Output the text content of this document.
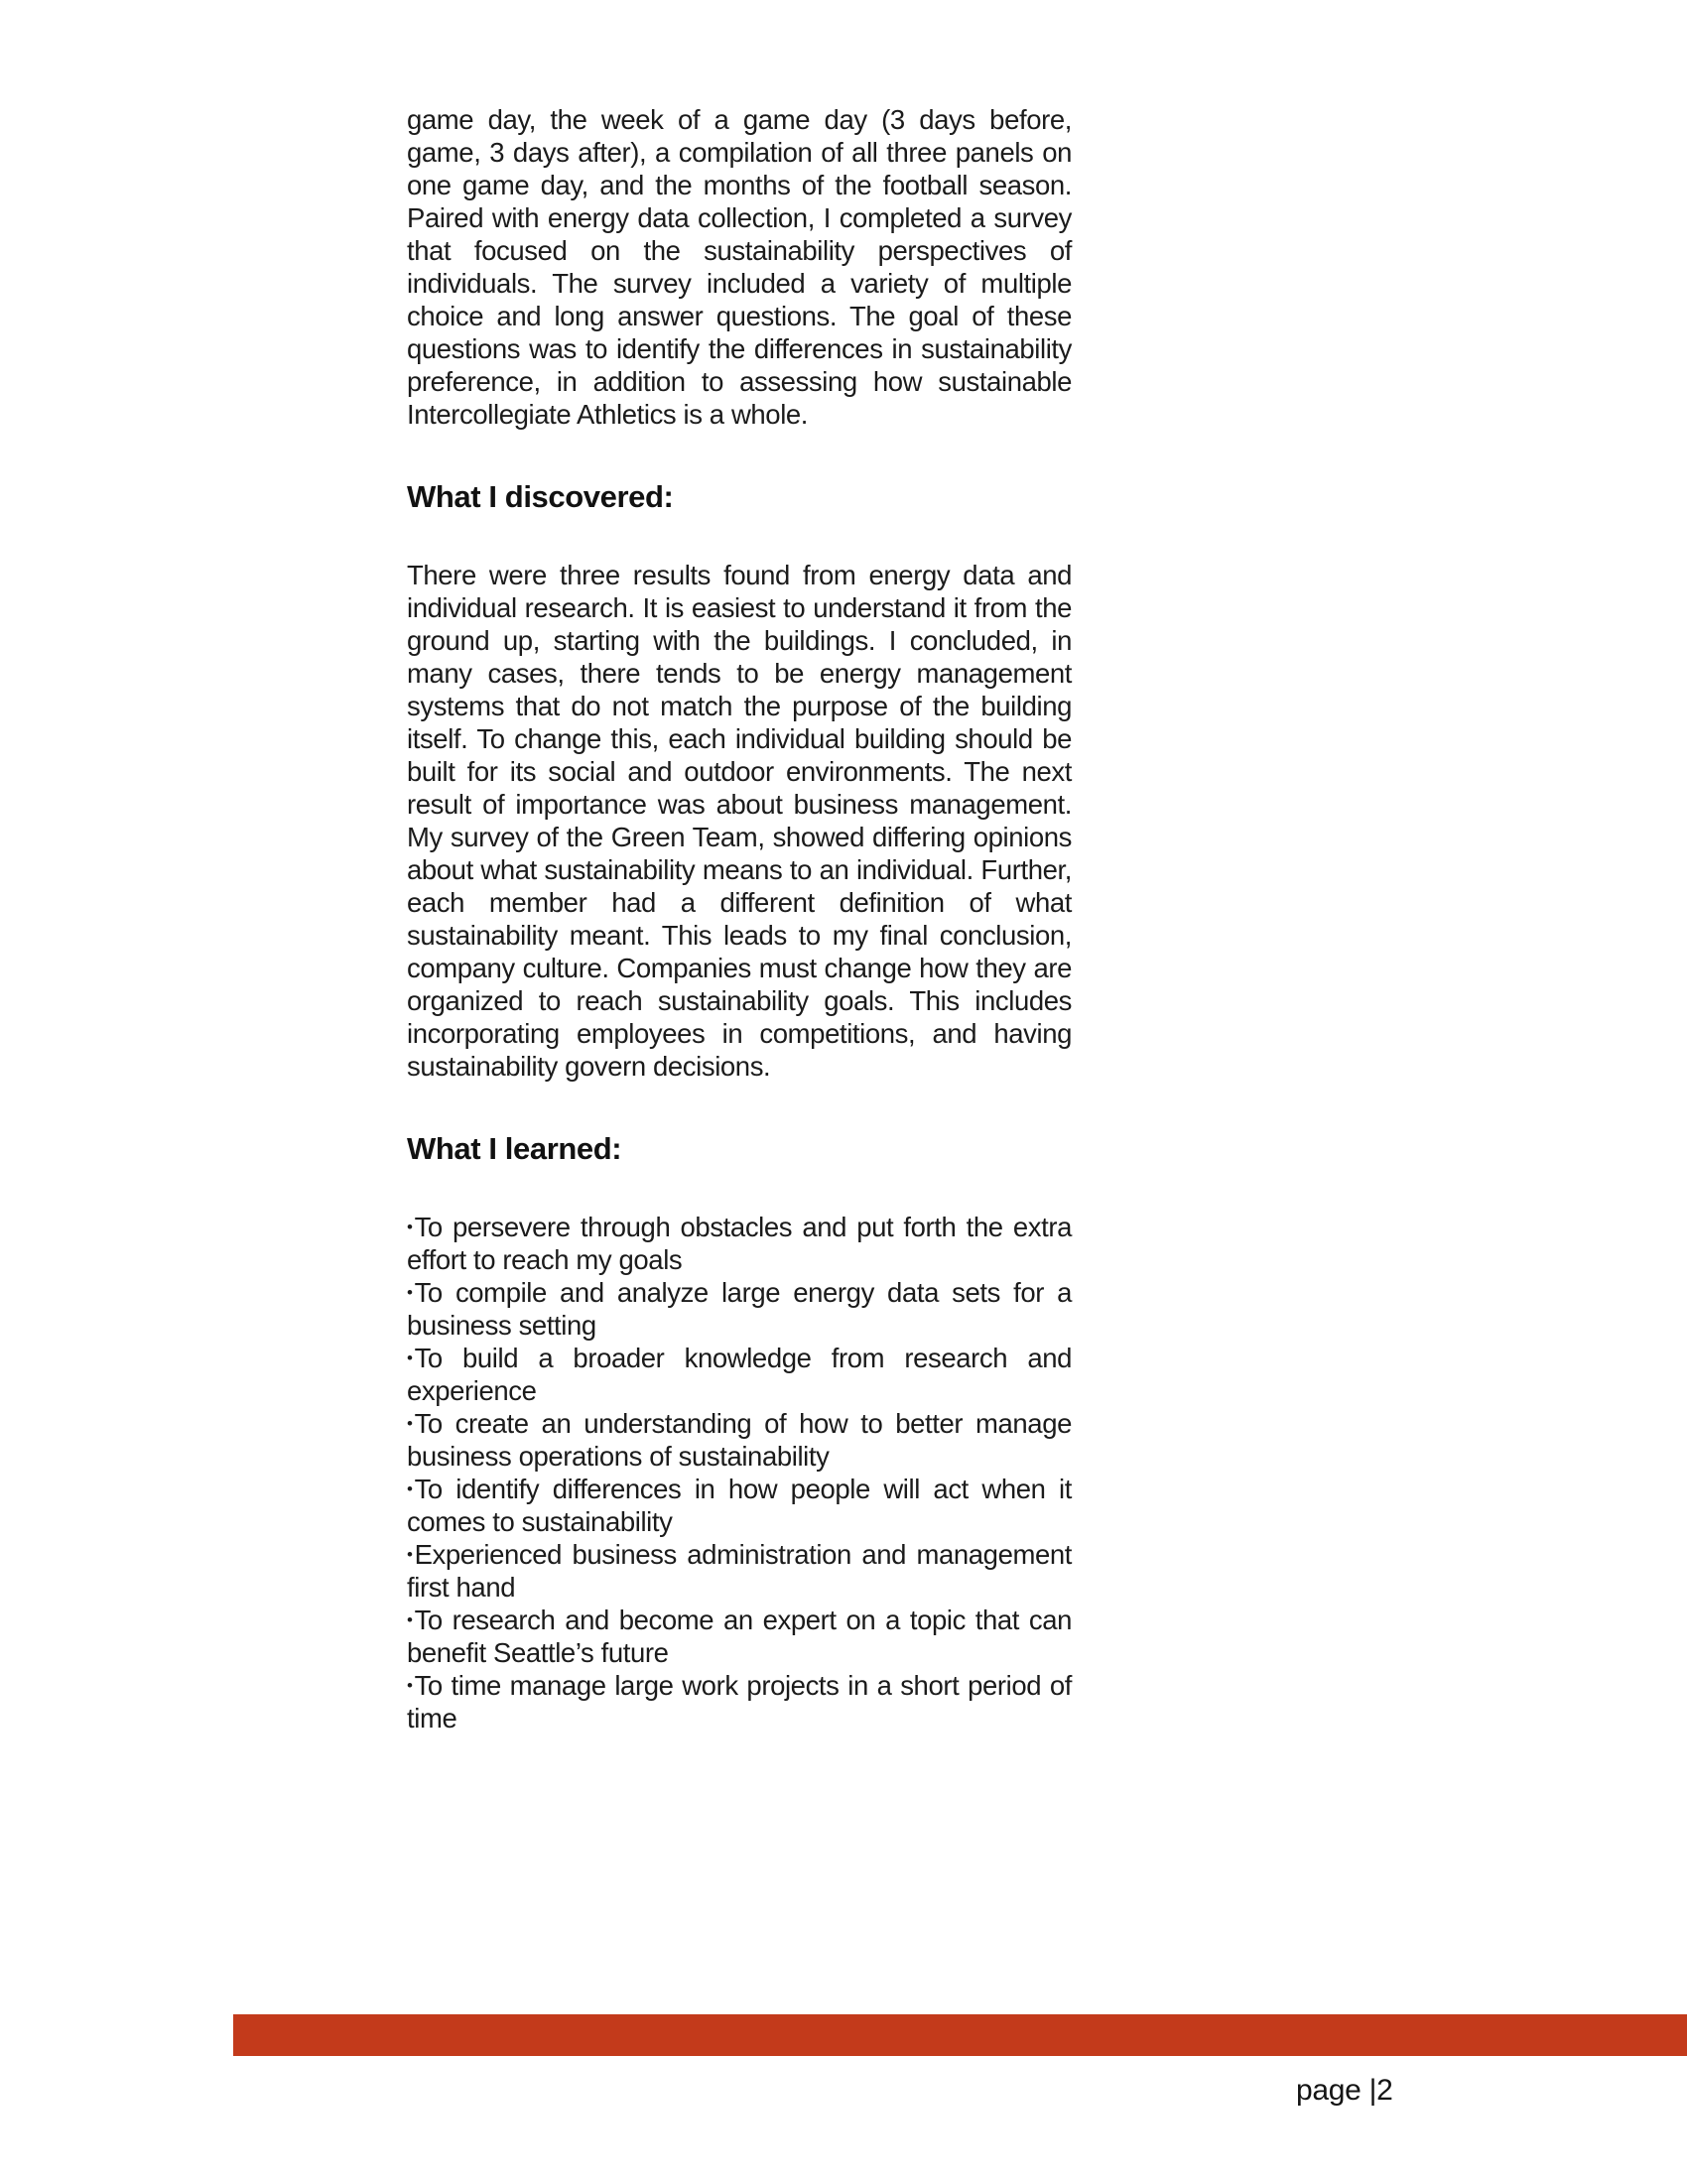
game day, the week of a game day (3 days before, game, 3 days after), a compilation of all three panels on one game day, and the months of the football season. Paired with energy data collection, I completed a survey that focused on the sustainability perspectives of individuals. The survey included a variety of multiple choice and long answer questions. The goal of these questions was to identify the differences in sustainability preference, in addition to assessing how sustainable Intercollegiate Athletics is a whole.

What I discovered:

There were three results found from energy data and individual research. It is easiest to understand it from the ground up, starting with the buildings. I concluded, in many cases, there tends to be energy management systems that do not match the purpose of the building itself. To change this, each individual building should be built for its social and outdoor environments. The next result of importance was about business management. My survey of the Green Team, showed differing opinions about what sustainability means to an individual. Further, each member had a different definition of what sustainability meant. This leads to my final conclusion, company culture. Companies must change how they are organized to reach sustainability goals. This includes incorporating employees in competitions, and having sustainability govern decisions.

What I learned:
•To persevere through obstacles and put forth the extra effort to reach my goals
•To compile and analyze large energy data sets for a business setting
•To build a broader knowledge from research and experience
•To create an understanding of how to better manage business operations of sustainability
•To identify differences in how people will act when it comes to sustainability
•Experienced business administration and management first hand
•To research and become an expert on a topic that can benefit Seattle’s future
•To time manage large work projects in a short period of time
page |2
